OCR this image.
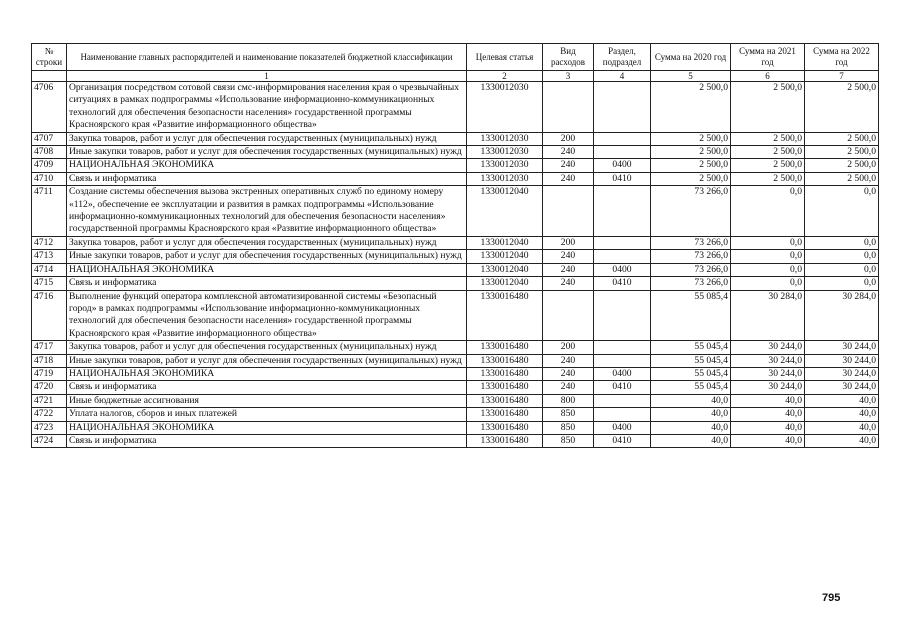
№ строки	Наименование главных распорядителей и наименование показателей бюджетной классификации	Целевая статья	Вид расходов	Раздел, подраздел	Сумма на 2020 год	Сумма на 2021 год	Сумма на 2022 год
	1	2	3	4	5	6	7
4706	Организация посредством сотовой связи смс-информирования населения края о чрезвычайных ситуациях в рамках подпрограммы «Использование информационно-коммуникационных технологий для обеспечения безопасности населения» государственной программы Красноярского края «Развитие информационного общества»	1330012030			2 500,0	2 500,0	2 500,0
4707	Закупка товаров, работ и услуг для обеспечения государственных (муниципальных) нужд	1330012030	200		2 500,0	2 500,0	2 500,0
4708	Иные закупки товаров, работ и услуг для обеспечения государственных (муниципальных) нужд	1330012030	240		2 500,0	2 500,0	2 500,0
4709	НАЦИОНАЛЬНАЯ ЭКОНОМИКА	1330012030	240	0400	2 500,0	2 500,0	2 500,0
4710	Связь и информатика	1330012030	240	0410	2 500,0	2 500,0	2 500,0
4711	Создание системы обеспечения вызова экстренных оперативных служб по единому номеру «112», обеспечение ее эксплуатации и развития в рамках подпрограммы «Использование информационно-коммуникационных технологий для обеспечения безопасности населения» государственной программы Красноярского края «Развитие информационного общества»	1330012040			73 266,0	0,0	0,0
4712	Закупка товаров, работ и услуг для обеспечения государственных (муниципальных) нужд	1330012040	200		73 266,0	0,0	0,0
4713	Иные закупки товаров, работ и услуг для обеспечения государственных (муниципальных) нужд	1330012040	240		73 266,0	0,0	0,0
4714	НАЦИОНАЛЬНАЯ ЭКОНОМИКА	1330012040	240	0400	73 266,0	0,0	0,0
4715	Связь и информатика	1330012040	240	0410	73 266,0	0,0	0,0
4716	Выполнение функций оператора комплексной автоматизированной системы «Безопасный город» в рамках подпрограммы «Использование информационно-коммуникационных технологий для обеспечения безопасности населения» государственной программы Красноярского края «Развитие информационного общества»	1330016480			55 085,4	30 284,0	30 284,0
4717	Закупка товаров, работ и услуг для обеспечения государственных (муниципальных) нужд	1330016480	200		55 045,4	30 244,0	30 244,0
4718	Иные закупки товаров, работ и услуг для обеспечения государственных (муниципальных) нужд	1330016480	240		55 045,4	30 244,0	30 244,0
4719	НАЦИОНАЛЬНАЯ ЭКОНОМИКА	1330016480	240	0400	55 045,4	30 244,0	30 244,0
4720	Связь и информатика	1330016480	240	0410	55 045,4	30 244,0	30 244,0
4721	Иные бюджетные ассигнования	1330016480	800		40,0	40,0	40,0
4722	Уплата налогов, сборов и иных платежей	1330016480	850		40,0	40,0	40,0
4723	НАЦИОНАЛЬНАЯ ЭКОНОМИКА	1330016480	850	0400	40,0	40,0	40,0
4724	Связь и информатика	1330016480	850	0410	40,0	40,0	40,0
795
